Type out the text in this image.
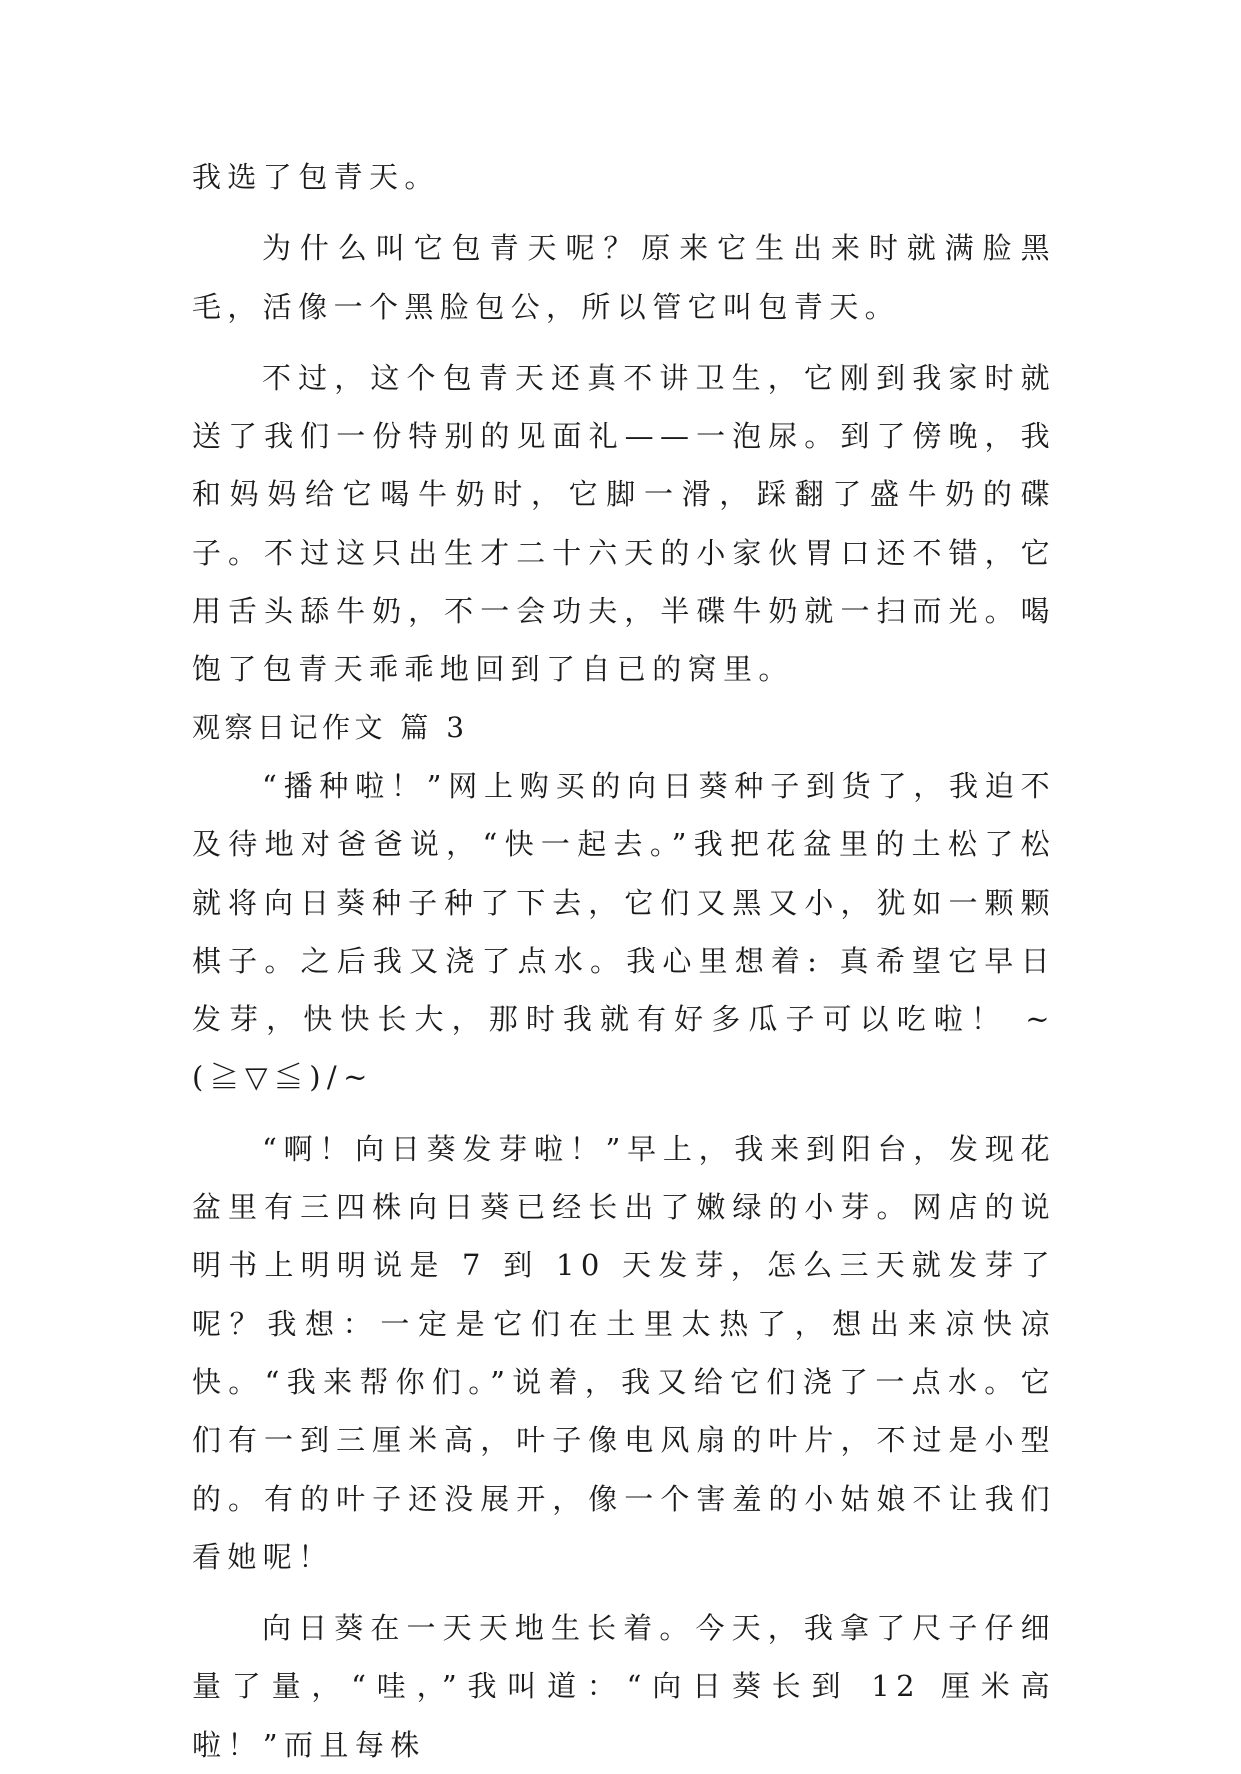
我选了包青天。

为什么叫它包青天呢？原来它生出来时就满脸黑毛，活像一个黑脸包公，所以管它叫包青天。

不过，这个包青天还真不讲卫生，它刚到我家时就送了我们一份特别的见面礼——一泡尿。到了傍晚，我和妈妈给它喝牛奶时，它脚一滑，踩翻了盛牛奶的碟子。不过这只出生才二十六天的小家伙胃口还不错，它用舌头舔牛奶，不一会功夫，半碟牛奶就一扫而光。喝饱了包青天乖乖地回到了自已的窝里。

观察日记作文 篇 3

“播种啦！”网上购买的向日葵种子到货了，我迫不及待地对爸爸说，“快一起去。”我把花盆里的土松了松就将向日葵种子种了下去，它们又黑又小，犹如一颗颗棋子。之后我又浇了点水。我心里想着: 真希望它早日发芽，快快长大，那时我就有好多瓜子可以吃啦！ ~(≧▽≦)/~

“啊！向日葵发芽啦！”早上，我来到阳台，发现花盆里有三四株向日葵已经长出了嫩绿的小芽。网店的说明书上明明说是 7 到 10 天发芽，怎么三天就发芽了呢？我想：一定是它们在土里太热了，想出来凉快凉快。“我来帮你们。”说着，我又给它们浇了一点水。它们有一到三厘米高，叶子像电风扇的叶片，不过是小型的。有的叶子还没展开，像一个害羞的小姑娘不让我们看她呢！

向日葵在一天天地生长着。今天，我拿了尺子仔细量了量，“哇，”我叫道：“向日葵长到 12 厘米高啦！”而且每株
